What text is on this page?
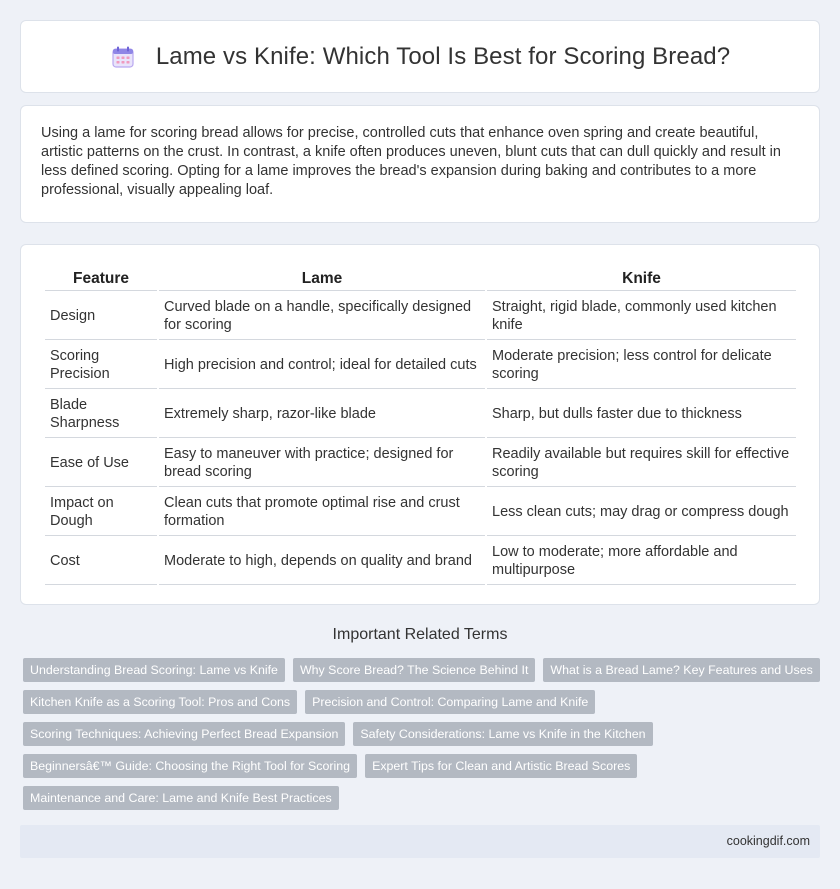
Lame vs Knife: Which Tool Is Best for Scoring Bread?

Using a lame for scoring bread allows for precise, controlled cuts that enhance oven spring and create beautiful, artistic patterns on the crust. In contrast, a knife often produces uneven, blunt cuts that can dull quickly and result in less defined scoring. Opting for a lame improves the bread's expansion during baking and contributes to a more professional, visually appealing loaf.

Feature	Lame	Knife
Design	Curved blade on a handle, specifically designed for scoring	Straight, rigid blade, commonly used kitchen knife
Scoring Precision	High precision and control; ideal for detailed cuts	Moderate precision; less control for delicate scoring
Blade Sharpness	Extremely sharp, razor-like blade	Sharp, but dulls faster due to thickness
Ease of Use	Easy to maneuver with practice; designed for bread scoring	Readily available but requires skill for effective scoring
Impact on Dough	Clean cuts that promote optimal rise and crust formation	Less clean cuts; may drag or compress dough
Cost	Moderate to high, depends on quality and brand	Low to moderate; more affordable and multipurpose
Important Related Terms
Understanding Bread Scoring: Lame vs Knife	Why Score Bread? The Science Behind It	What is a Bread Lame? Key Features and Uses
Kitchen Knife as a Scoring Tool: Pros and Cons	Precision and Control: Comparing Lame and Knife
Scoring Techniques: Achieving Perfect Bread Expansion	Safety Considerations: Lame vs Knife in the Kitchen
Beginnersâ€™ Guide: Choosing the Right Tool for Scoring	Expert Tips for Clean and Artistic Bread Scores
Maintenance and Care: Lame and Knife Best Practices
cookingdif.com
